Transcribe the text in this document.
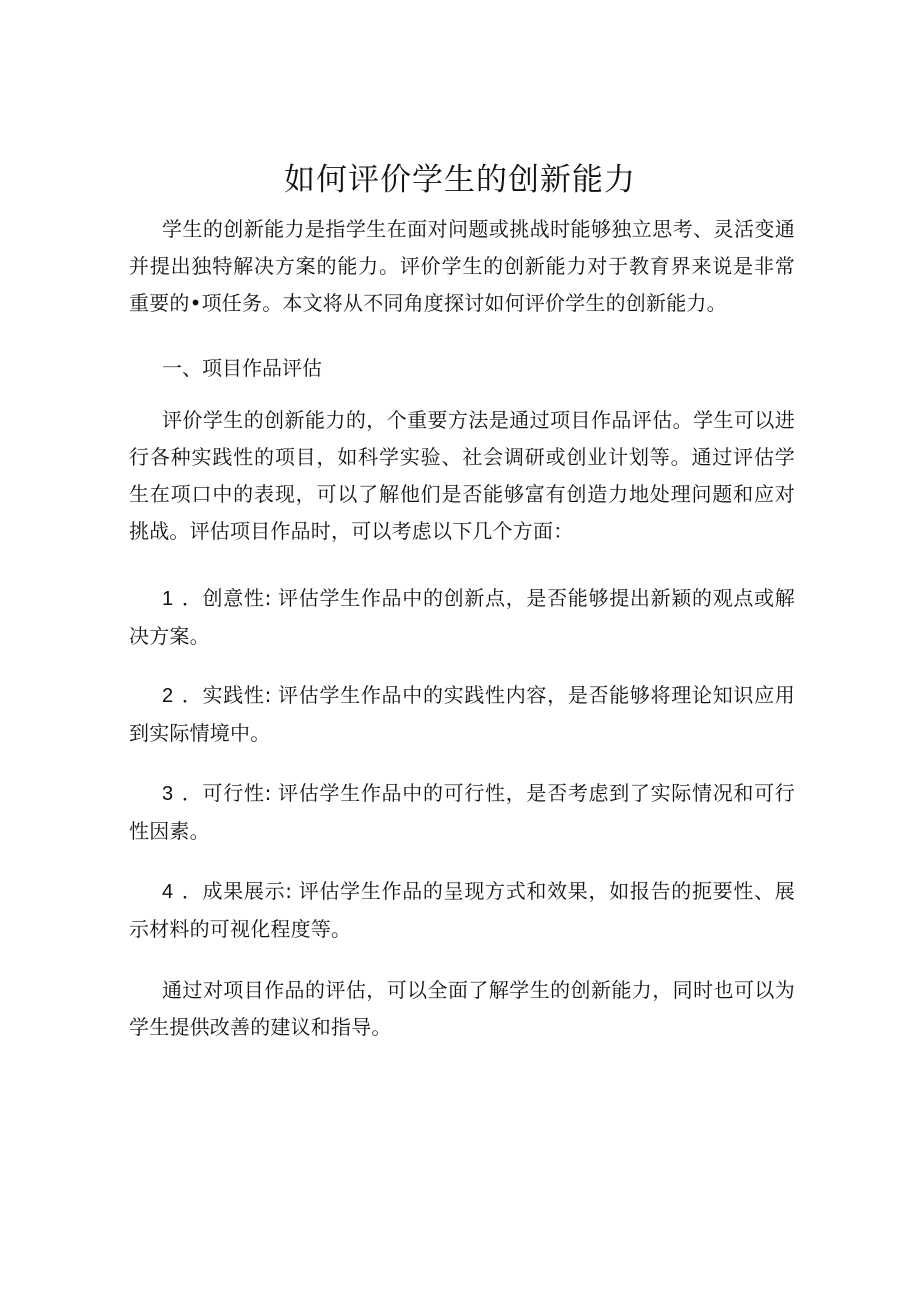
如何评价学生的创新能力

学生的创新能力是指学生在面对问题或挑战时能够独立思考、灵活变通并提出独特解决方案的能力。评价学生的创新能力对于教育界来说是非常重要的•项任务。本文将从不同角度探讨如何评价学生的创新能力。

一、项目作品评估

评价学生的创新能力的，个重要方法是通过项目作品评估。学生可以进行各种实践性的项目，如科学实验、社会调研或创业计划等。通过评估学生在项口中的表现，可以了解他们是否能够富有创造力地处理问题和应对挑战。评估项目作品时，可以考虑以下几个方面：

1 ．创意性: 评估学生作品中的创新点，是否能够提出新颖的观点或解决方案。
2 ．实践性: 评估学生作品中的实践性内容，是否能够将理论知识应用到实际情境中。
3 ．可行性: 评估学生作品中的可行性，是否考虑到了实际情况和可行性因素。
4 ．成果展示: 评估学生作品的呈现方式和效果，如报告的扼要性、展示材料的可视化程度等。

通过对项目作品的评估，可以全面了解学生的创新能力，同时也可以为学生提供改善的建议和指导。
